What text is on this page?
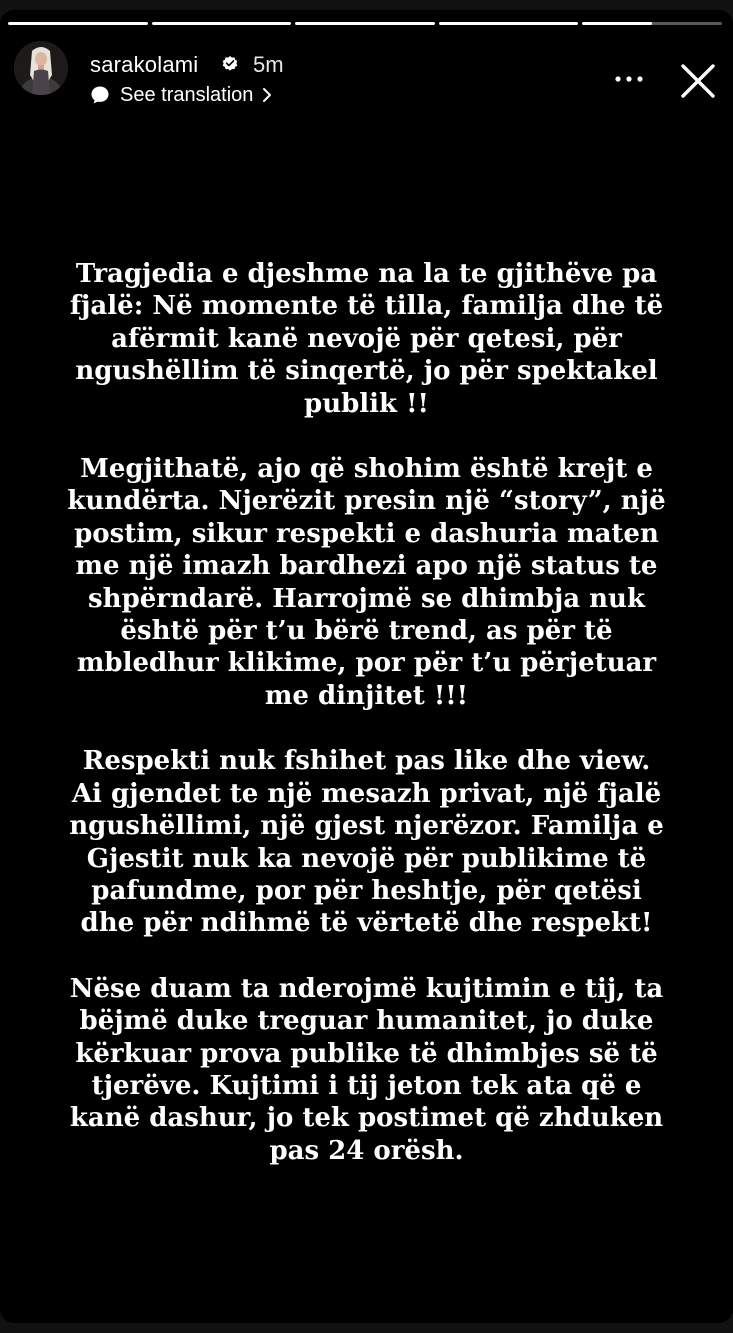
sarakolami 5m
See translation

Tragjedia e djeshme na la te gjithëve pa
fjalë: Në momente të tilla, familja dhe të
afërmit kanë nevojë për qetesi, për
ngushëllim të sinqertë, jo për spektakel
publik !!

Megjithatë, ajo që shohim është krejt e
kundërta. Njerëzit presin një “story”, një
postim, sikur respekti e dashuria maten
me një imazh bardhezi apo një status te
shpërndarë. Harrojmë se dhimbja nuk
është për t’u bërë trend, as për të
mbledhur klikime, por për t’u përjetuar
me dinjitet !!!

Respekti nuk fshihet pas like dhe view.
Ai gjendet te një mesazh privat, një fjalë
ngushëllimi, një gjest njerëzor. Familja e
Gjestit nuk ka nevojë për publikime të
pafundme, por për heshtje, për qetësi
dhe për ndihmë të vërtetë dhe respekt!

Nëse duam ta nderojmë kujtimin e tij, ta
bëjmë duke treguar humanitet, jo duke
kërkuar prova publike të dhimbjes së të
tjerëve. Kujtimi i tij jeton tek ata që e
kanë dashur, jo tek postimet që zhduken
pas 24 orësh.
